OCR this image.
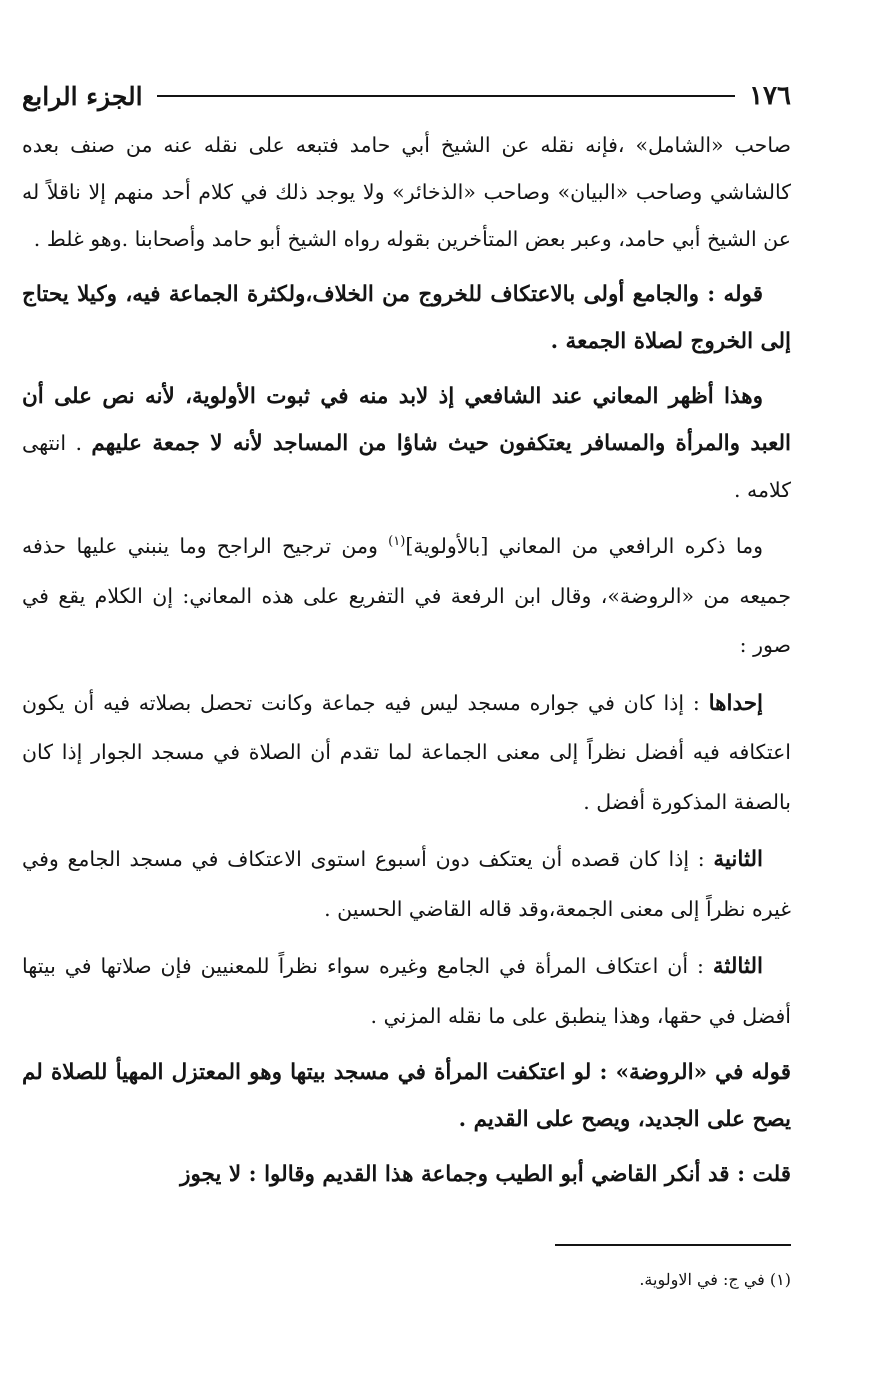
١٧٦
الجزء الرابع

صاحب «الشامل» ،فإنه نقله عن الشيخ أبي حامد فتبعه على نقله عنه من صنف بعده كالشاشي وصاحب «البيان» وصاحب «الذخائر» ولا يوجد ذلك في كلام أحد منهم إلا ناقلاً له عن الشيخ أبي حامد، وعبر بعض المتأخرين بقوله رواه الشيخ أبو حامد وأصحابنا .وهو غلط .

قوله : والجامع أولى بالاعتكاف للخروج من الخلاف،ولكثرة الجماعة فيه، وكيلا يحتاج إلى الخروج لصلاة الجمعة .

وهذا أظهر المعاني عند الشافعي إذ لابد منه في ثبوت الأولوية، لأنه نص على أن العبد والمرأة والمسافر يعتكفون حيث شاؤا من المساجد لأنه لا جمعة عليهم . انتهى كلامه .

وما ذكره الرافعي من المعاني [بالأولوية]$^{(١)}$ ومن ترجيح الراجح وما ينبني عليها حذفه جميعه من «الروضة»، وقال ابن الرفعة في التفريع على هذه المعاني: إن الكلام يقع في صور :

إحداها : إذا كان في جواره مسجد ليس فيه جماعة وكانت تحصل بصلاته فيه أن يكون اعتكافه فيه أفضل نظراً إلى معنى الجماعة لما تقدم أن الصلاة في مسجد الجوار إذا كان بالصفة المذكورة أفضل .

الثانية : إذا كان قصده أن يعتكف دون أسبوع استوى الاعتكاف في مسجد الجامع وفي غيره نظراً إلى معنى الجمعة،وقد قاله القاضي الحسين .

الثالثة : أن اعتكاف المرأة في الجامع وغيره سواء نظراً للمعنيين فإن صلاتها في بيتها أفضل في حقها، وهذا ينطبق على ما نقله المزني .

قوله في «الروضة» : لو اعتكفت المرأة في مسجد بيتها وهو المعتزل المهيأ للصلاة لم يصح على الجديد، ويصح على القديم .

قلت : قد أنكر القاضي أبو الطيب وجماعة هذا القديم وقالوا : لا يجوز

(١) في ج: في الاولوية.
